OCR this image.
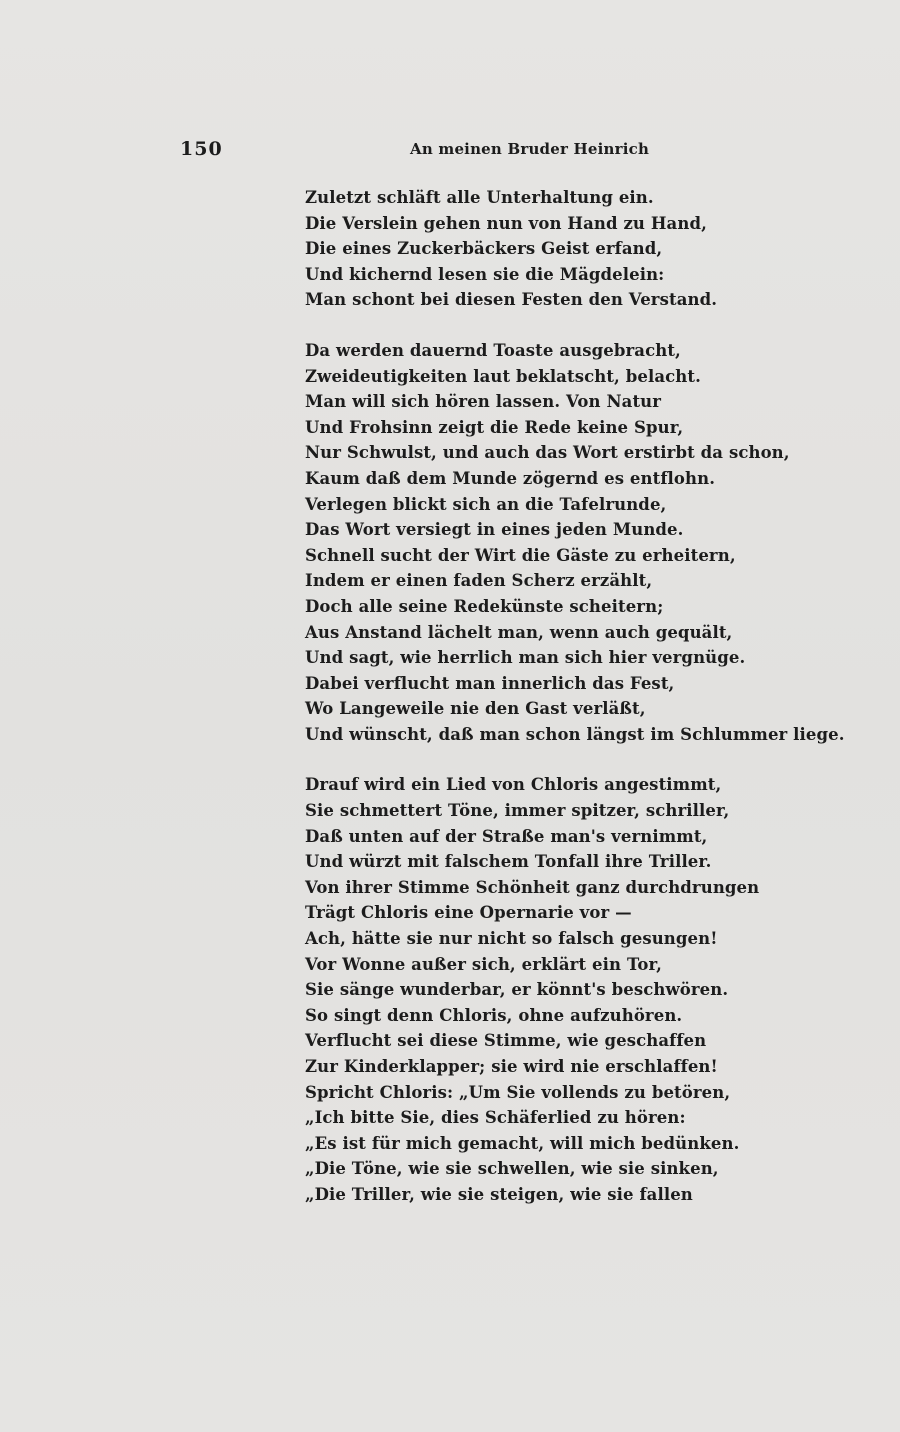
150	An meinen Bruder Heinrich
Zuletzt schläft alle Unterhaltung ein.
Die Verslein gehen nun von Hand zu Hand,
Die eines Zuckerbäckers Geist erfand,
Und kichernd lesen sie die Mägdelein:
Man schont bei diesen Festen den Verstand.
Da werden dauernd Toaste ausgebracht,
Zweideutigkeiten laut beklatscht, belacht.
Man will sich hören lassen. Von Natur
Und Frohsinn zeigt die Rede keine Spur,
Nur Schwulst, und auch das Wort erstirbt da schon,
Kaum daß dem Munde zögernd es entflohn.
Verlegen blickt sich an die Tafelrunde,
Das Wort versiegt in eines jeden Munde.
Schnell sucht der Wirt die Gäste zu erheitern,
Indem er einen faden Scherz erzählt,
Doch alle seine Redekünste scheitern;
Aus Anstand lächelt man, wenn auch gequält,
Und sagt, wie herrlich man sich hier vergnüge.
Dabei verflucht man innerlich das Fest,
Wo Langeweile nie den Gast verläßt,
Und wünscht, daß man schon längst im Schlummer liege.
Drauf wird ein Lied von Chloris angestimmt,
Sie schmettert Töne, immer spitzer, schriller,
Daß unten auf der Straße man's vernimmt,
Und würzt mit falschem Tonfall ihre Triller.
Von ihrer Stimme Schönheit ganz durchdrungen
Trägt Chloris eine Opernarie vor —
Ach, hätte sie nur nicht so falsch gesungen!
Vor Wonne außer sich, erklärt ein Tor,
Sie sänge wunderbar, er könnt's beschwören.
So singt denn Chloris, ohne aufzuhören.
Verflucht sei diese Stimme, wie geschaffen
Zur Kinderklapper; sie wird nie erschlaffen!
Spricht Chloris: „Um Sie vollends zu betören,
„Ich bitte Sie, dies Schäferlied zu hören:
„Es ist für mich gemacht, will mich bedünken.
„Die Töne, wie sie schwellen, wie sie sinken,
„Die Triller, wie sie steigen, wie sie fallen
